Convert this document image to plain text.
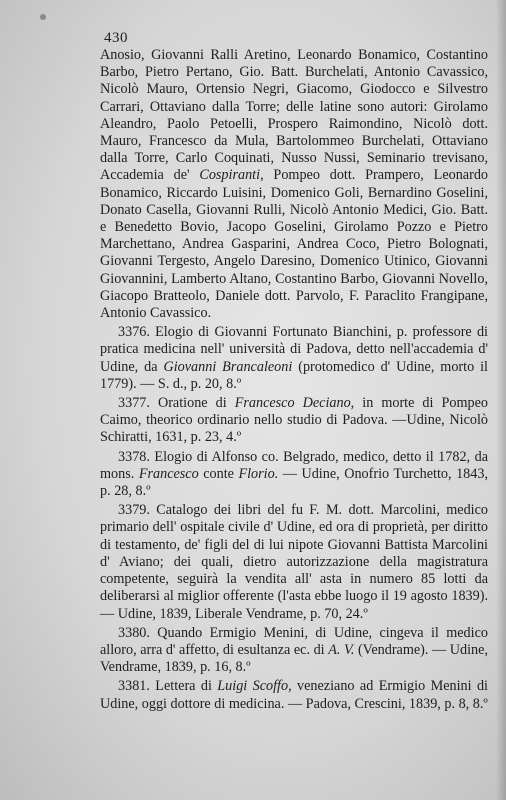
430

Anosio, Giovanni Ralli Aretino, Leonardo Bonamico, Costantino Barbo, Pietro Pertano, Gio. Batt. Burchelati, Antonio Cavassico, Nicolò Mauro, Ortensio Negri, Giacomo, Giodocco e Silvestro Carrari, Ottaviano dalla Torre; delle latine sono autori: Girolamo Aleandro, Paolo Petoelli, Prospero Raimondino, Nicolò dott. Mauro, Francesco da Mula, Bartolommeo Burchelati, Ottaviano dalla Torre, Carlo Coquinati, Nusso Nussi, Seminario trevisano, Accademia de' Cospiranti, Pompeo dott. Prampero, Leonardo Bonamico, Riccardo Luisini, Domenico Goli, Bernardino Goselini, Donato Casella, Giovanni Rulli, Nicolò Antonio Medici, Gio. Batt. e Benedetto Bovio, Jacopo Goselini, Girolamo Pozzo e Pietro Marchettano, Andrea Gasparini, Andrea Coco, Pietro Bolognati, Giovanni Tergesto, Angelo Daresino, Domenico Utinico, Giovanni Giovannini, Lamberto Altano, Costantino Barbo, Giovanni Novello, Giacopo Bratteolo, Daniele dott. Parvolo, F. Paraclito Frangipane, Antonio Cavassico.

3376. Elogio di Giovanni Fortunato Bianchini, p. professore di pratica medicina nell' università di Padova, detto nell'accademia d' Udine, da Giovanni Brancaleoni (protomedico d' Udine, morto il 1779). — S. d., p. 20, 8.º

3377. Oratione di Francesco Deciano, in morte di Pompeo Caimo, theorico ordinario nello studio di Padova. —Udine, Nicolò Schiratti, 1631, p. 23, 4.º

3378. Elogio di Alfonso co. Belgrado, medico, detto il 1782, da mons. Francesco conte Florio. — Udine, Onofrio Turchetto, 1843, p. 28, 8.º

3379. Catalogo dei libri del fu F. M. dott. Marcolini, medico primario dell' ospitale civile d' Udine, ed ora di proprietà, per diritto di testamento, de' figli del di lui nipote Giovanni Battista Marcolini d' Aviano; dei quali, dietro autorizzazione della magistratura competente, seguirà la vendita all' asta in numero 85 lotti da deliberarsi al miglior offerente (l'asta ebbe luogo il 19 agosto 1839). — Udine, 1839, Liberale Vendrame, p. 70, 24.º

3380. Quando Ermigio Menini, di Udine, cingeva il medico alloro, arra d' affetto, di esultanza ec. di A. V. (Vendrame). — Udine, Vendrame, 1839, p. 16, 8.º

3381. Lettera di Luigi Scoffo, veneziano ad Ermigio Menini di Udine, oggi dottore di medicina. — Padova, Crescini, 1839, p. 8, 8.º
